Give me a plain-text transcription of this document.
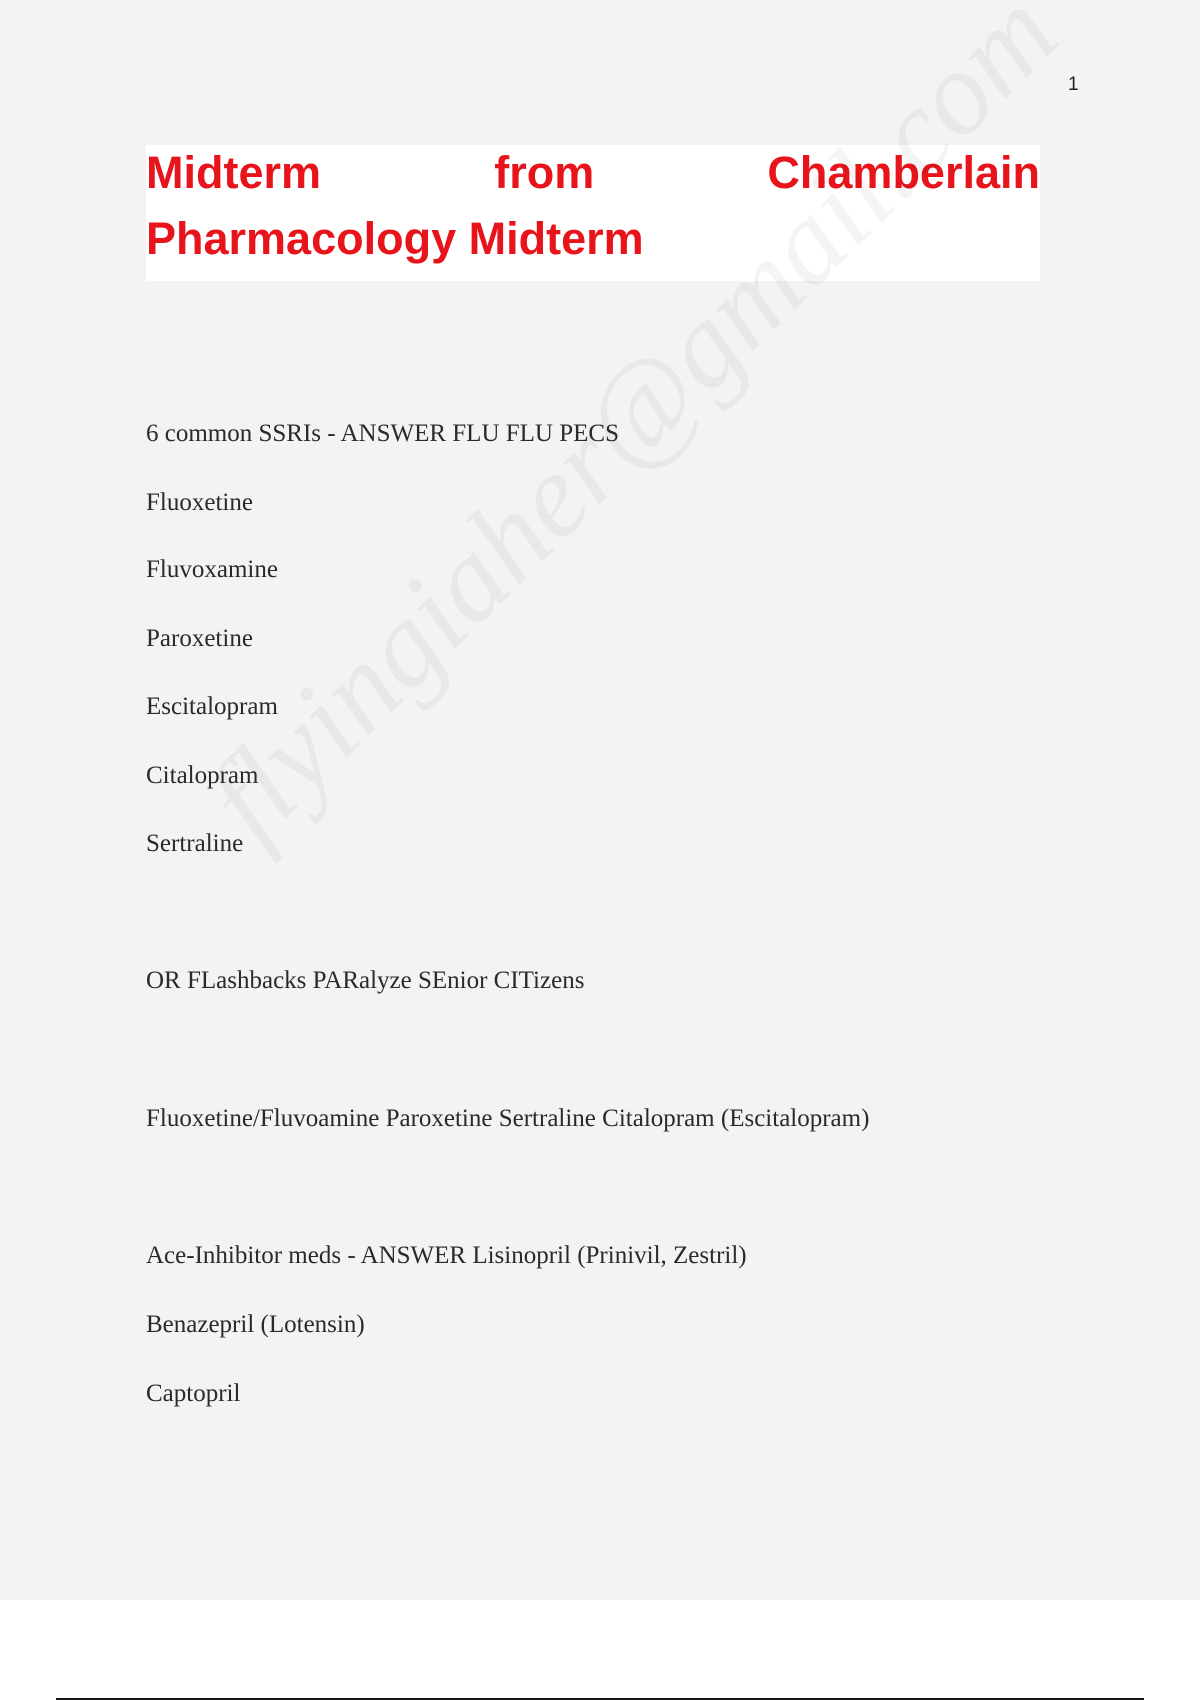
1
Midterm	from	Chamberlain
Pharmacology Midterm
6 common SSRIs - ANSWER FLU FLU PECS
Fluoxetine
Fluvoxamine
Paroxetine
Escitalopram
Citalopram
Sertraline
OR FLashbacks PARalyze SEnior CITizens
Fluoxetine/Fluvoamine Paroxetine Sertraline Citalopram (Escitalopram)
Ace-Inhibitor meds - ANSWER Lisinopril (Prinivil, Zestril)
Benazepril (Lotensin)
Captopril
